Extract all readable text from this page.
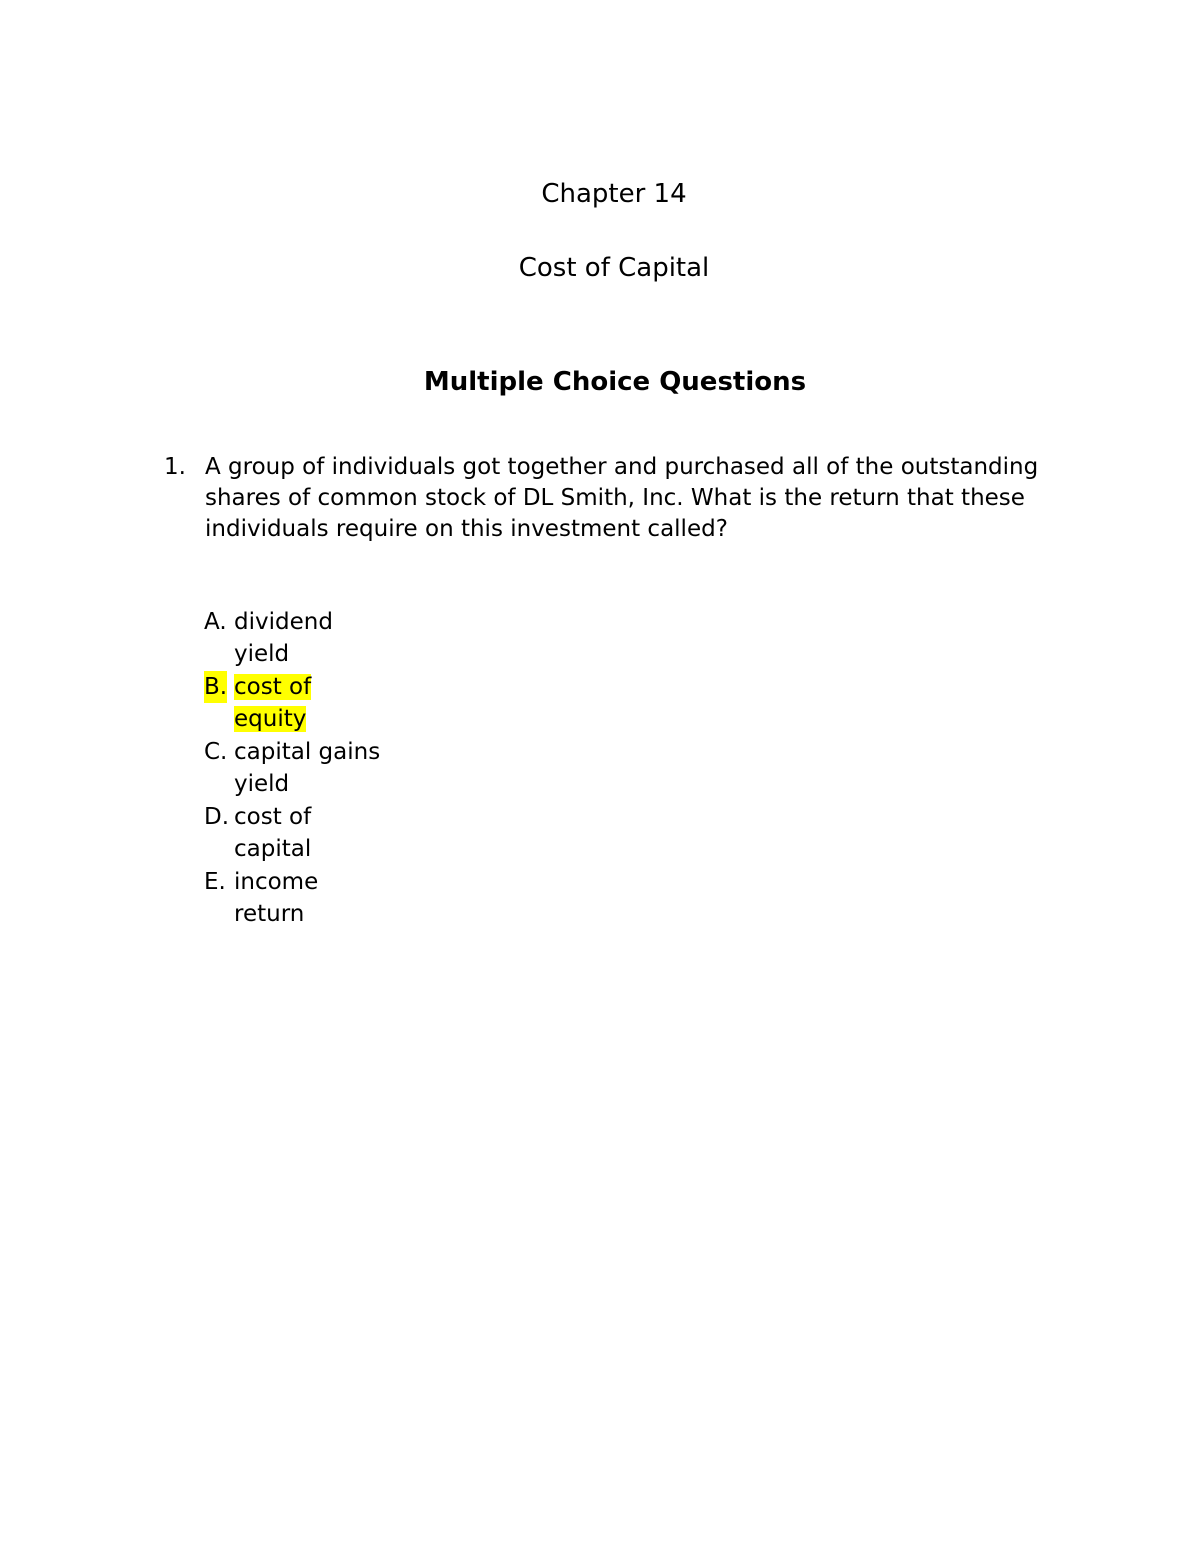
Chapter 14
Cost of Capital
Multiple Choice Questions
1. A group of individuals got together and purchased all of the outstanding shares of common stock of DL Smith, Inc. What is the return that these individuals require on this investment called?
A. dividend
yield
B. cost of
equity
C. capital gains
yield
D. cost of
capital
E. income
return
